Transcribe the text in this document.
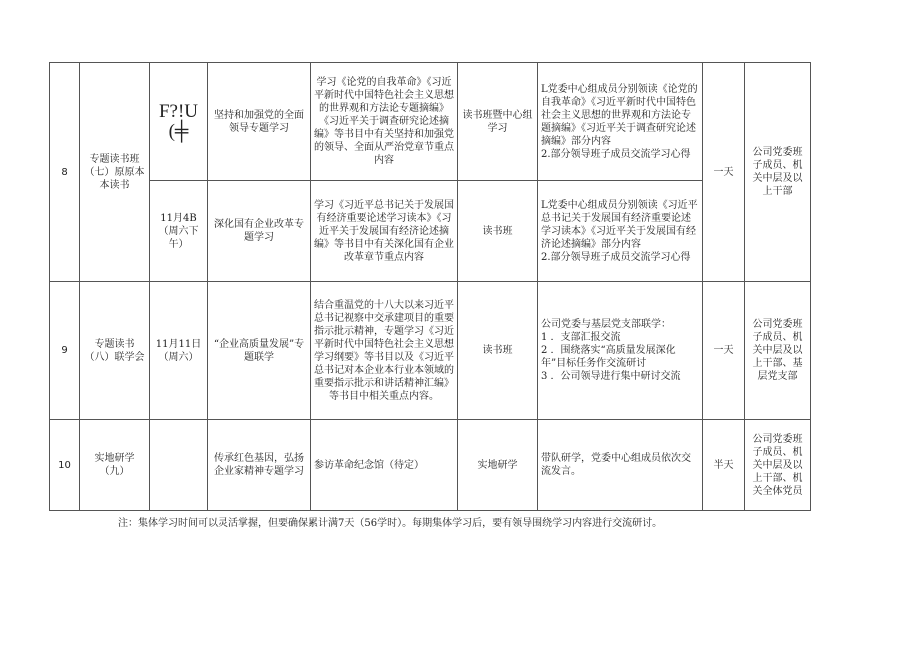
8	专题读书班（七）原原本本读书	F?!U(╪	坚持和加强党的全面领导专题学习	学习《论党的自我革命》《习近平新时代中国特色社会主义思想的世界观和方法论专题摘编》《习近平关于调查研究论述摘编》等书目中有关坚持和加强党的领导、全面从严治党章节重点内容	读书班暨中心组学习	L党委中心组成员分别领读《论党的自我革命》《习近平新时代中国特色社会主义思想的世界观和方法论专题摘编》《习近平关于调查研究论述摘编》部分内容
2.部分领导班子成员交流学习心得	一天	公司党委班子成员、机关中层及以上干部
		11月4B（周六下午）	深化国有企业改革专题学习	学习《习近平总书记关于发展国有经济重要论述学习读本》《习近平关于发展国有经济论述摘编》等书目中有关深化国有企业改革章节重点内容	读书班	L党委中心组成员分别领读《习近平总书记关于发展国有经济重要论述学习读本》《习近平关于发展国有经济论述摘编》部分内容
2.部分领导班子成员交流学习心得		
9	专题读书（八）联学会	11月11日（周六）	“企业高质量发展”专题联学	结合重温党的十八大以来习近平总书记视察中交承建项目的重要指示批示精神，专题学习《习近平新时代中国特色社会主义思想学习纲要》等书目以及《习近平总书记对本企业本行业本领域的重要指示批示和讲话精神汇编》等书目中相关重点内容。	读书班	公司党委与基层党支部联学：
1 ．支部汇报交流
2 ．围绕落实“高质量发展深化年”目标任务作交流研讨
3 ．公司领导进行集中研讨交流	一天	公司党委班子成员、机关中层及以上干部、基层党支部
10	实地研学（九）		传承红色基因，弘扬企业家精神专题学习	参访革命纪念馆（待定）	实地研学	带队研学，党委中心组成员依次交流发言。	半天	公司党委班子成员、机关中层及以上干部、机关全体党员
注：集体学习时间可以灵活掌握，但要确保累计满7天（56学时）。每期集体学习后，要有领导围绕学习内容进行交流研讨。
